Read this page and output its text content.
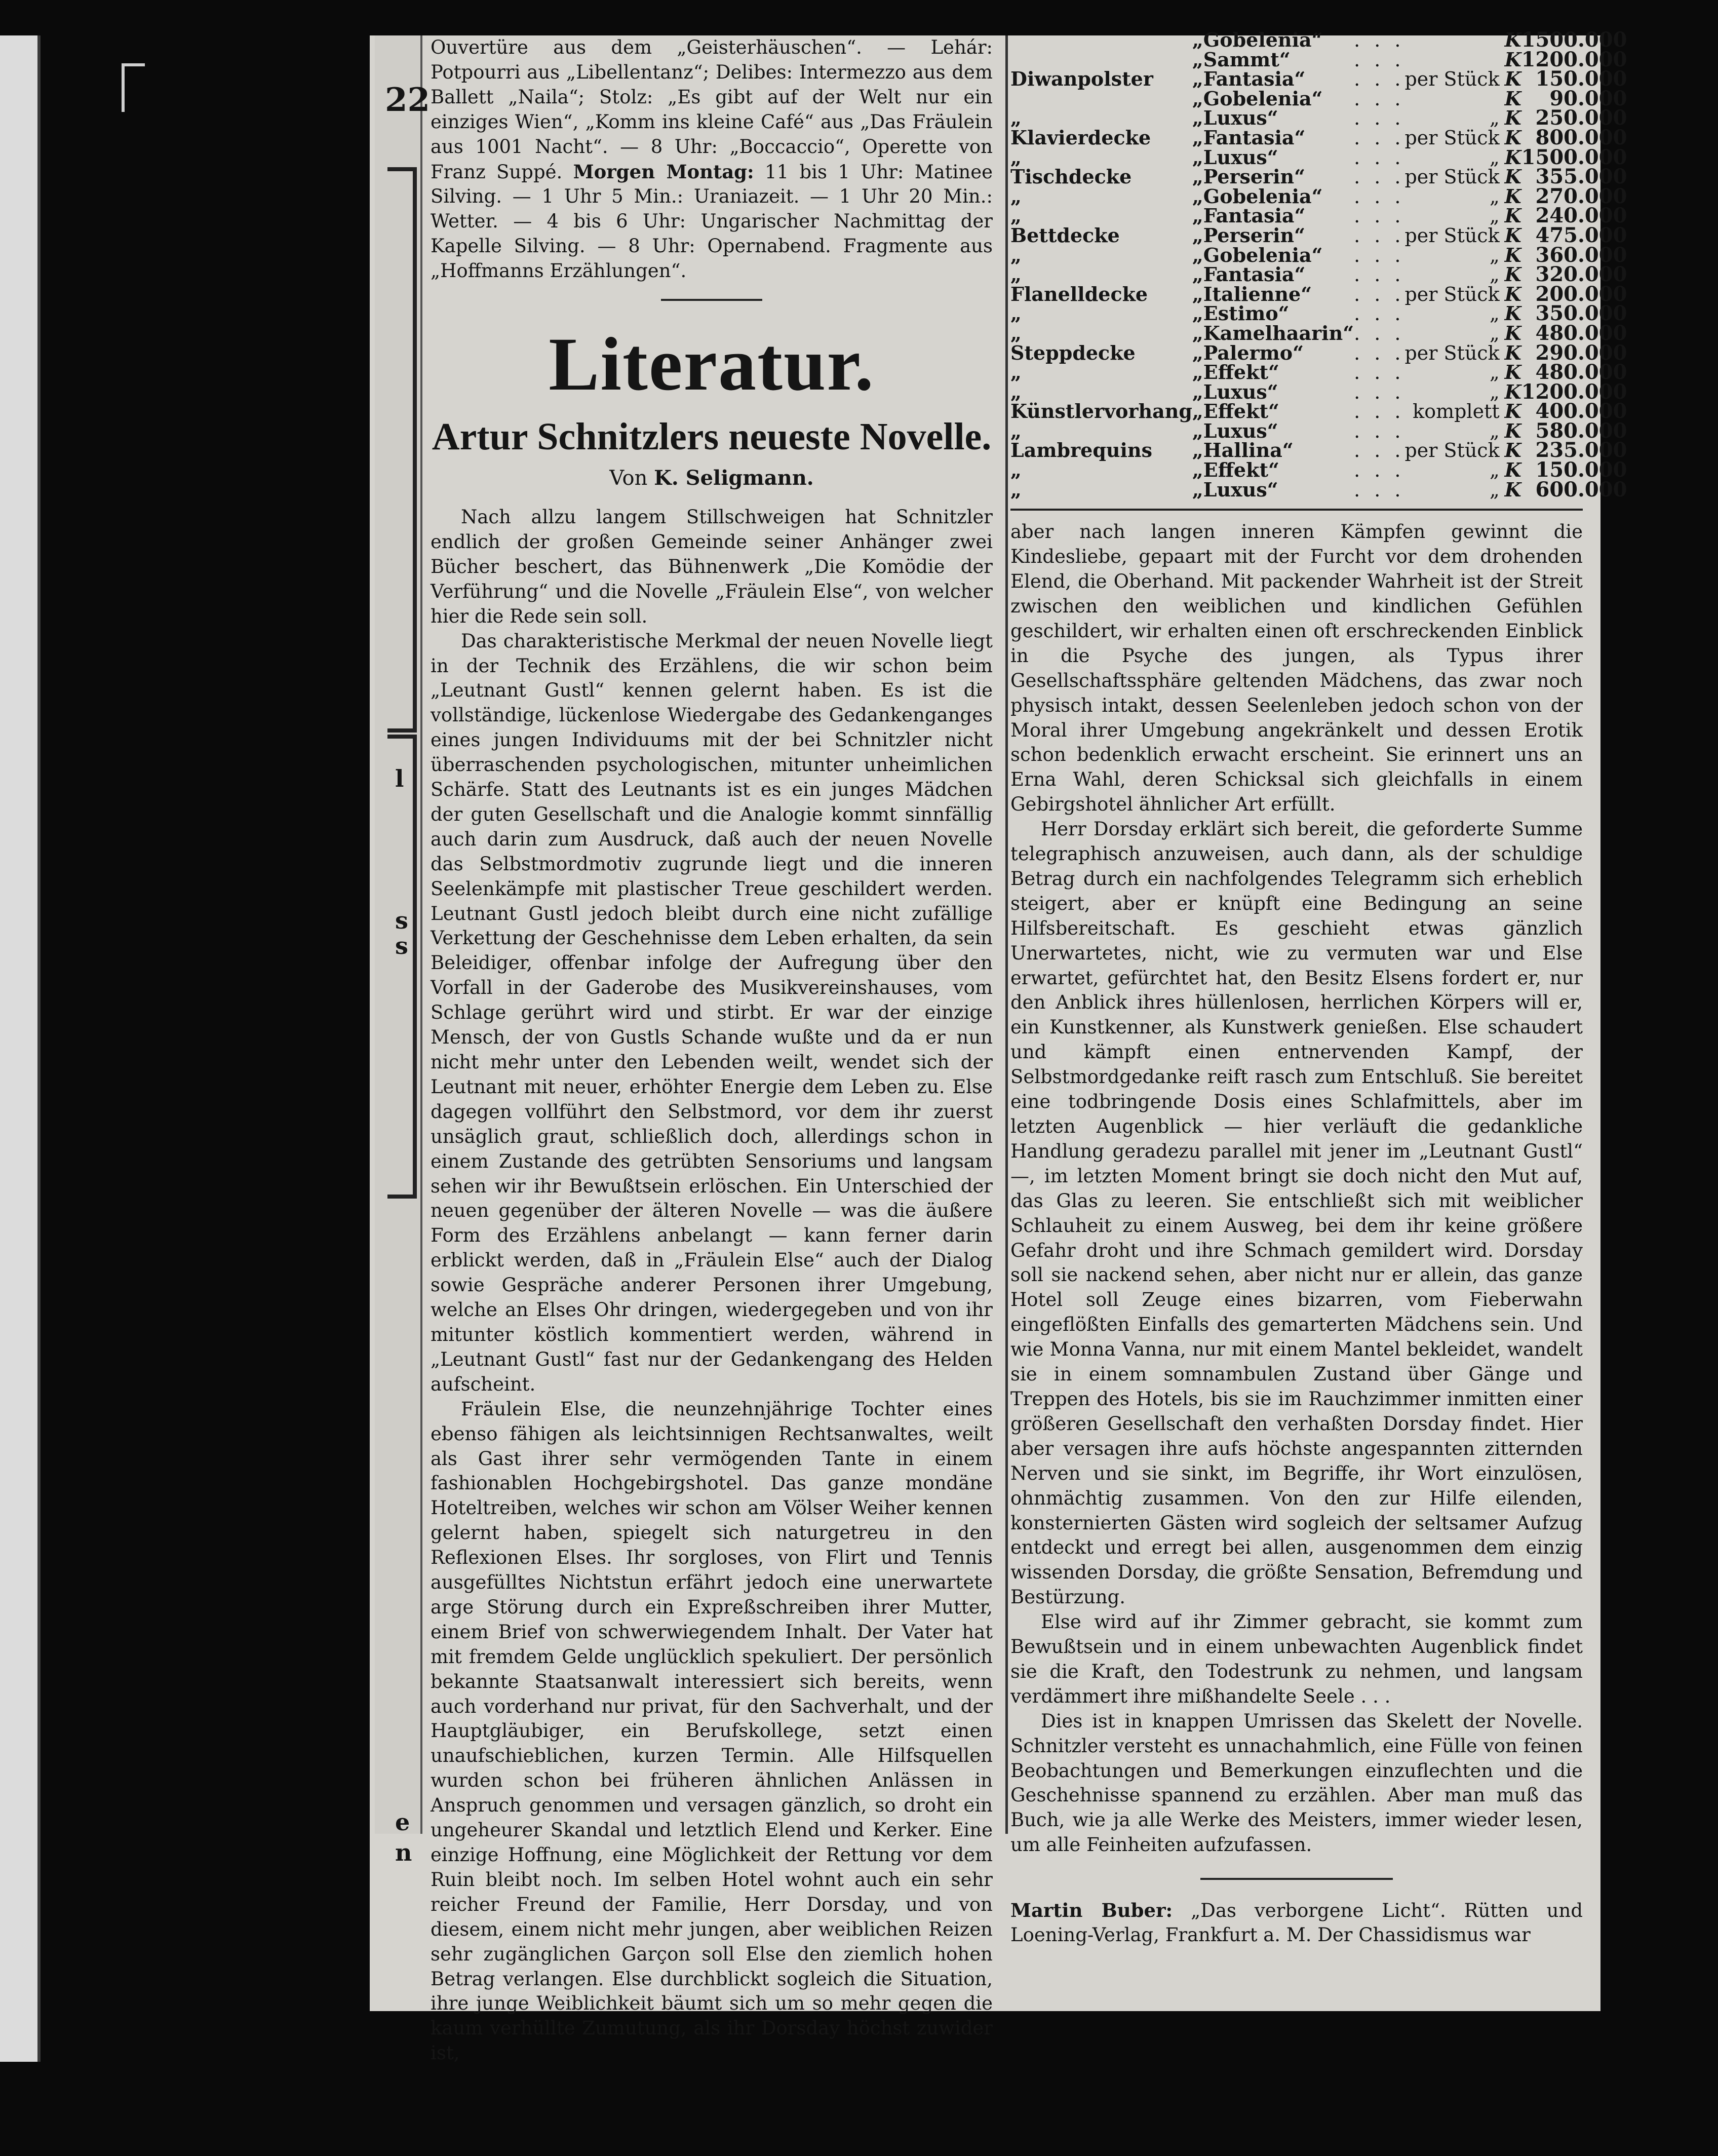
22
l
s
s
e
n

Ouvertüre aus dem „Geisterhäuschen“. — Lehár: Potpourri aus „Libellentanz“; Delibes: Intermezzo aus dem Ballett „Naila“; Stolz: „Es gibt auf der Welt nur ein einziges Wien“, „Komm ins kleine Café“ aus „Das Fräulein aus 1001 Nacht“. — 8 Uhr: „Boccaccio“, Operette von Franz Suppé. Morgen Montag: 11 bis 1 Uhr: Matinee Silving. — 1 Uhr 5 Min.: Uraniazeit. — 1 Uhr 20 Min.: Wetter. — 4 bis 6 Uhr: Ungarischer Nachmittag der Kapelle Silving. — 8 Uhr: Opernabend. Fragmente aus „Hoffmanns Erzählungen“.

Literatur.
Artur Schnitzlers neueste Novelle.
Von K. Seligmann.

Nach allzu langem Stillschweigen hat Schnitzler endlich der großen Gemeinde seiner Anhänger zwei Bücher beschert, das Bühnenwerk „Die Komödie der Verführung“ und die Novelle „Fräulein Else“, von welcher hier die Rede sein soll.

Das charakteristische Merkmal der neuen Novelle liegt in der Technik des Erzählens, die wir schon beim „Leutnant Gustl“ kennen gelernt haben. Es ist die vollständige, lückenlose Wiedergabe des Gedankenganges eines jungen Individuums mit der bei Schnitzler nicht überraschenden psychologischen, mitunter unheimlichen Schärfe. Statt des Leutnants ist es ein junges Mädchen der guten Gesellschaft und die Analogie kommt sinnfällig auch darin zum Ausdruck, daß auch der neuen Novelle das Selbstmordmotiv zugrunde liegt und die inneren Seelenkämpfe mit plastischer Treue geschildert werden. Leutnant Gustl jedoch bleibt durch eine nicht zufällige Verkettung der Geschehnisse dem Leben erhalten, da sein Beleidiger, offenbar infolge der Aufregung über den Vorfall in der Gaderobe des Musikvereinshauses, vom Schlage gerührt wird und stirbt. Er war der einzige Mensch, der von Gustls Schande wußte und da er nun nicht mehr unter den Lebenden weilt, wendet sich der Leutnant mit neuer, erhöhter Energie dem Leben zu. Else dagegen vollführt den Selbstmord, vor dem ihr zuerst unsäglich graut, schließlich doch, allerdings schon in einem Zustande des getrübten Sensoriums und langsam sehen wir ihr Bewußtsein erlöschen. Ein Unterschied der neuen gegenüber der älteren Novelle — was die äußere Form des Erzählens anbelangt — kann ferner darin erblickt werden, daß in „Fräulein Else“ auch der Dialog sowie Gespräche anderer Personen ihrer Umgebung, welche an Elses Ohr dringen, wiedergegeben und von ihr mitunter köstlich kommentiert werden, während in „Leutnant Gustl“ fast nur der Gedankengang des Helden aufscheint.

Fräulein Else, die neunzehnjährige Tochter eines ebenso fähigen als leichtsinnigen Rechtsanwaltes, weilt als Gast ihrer sehr vermögenden Tante in einem fashionablen Hochgebirgshotel. Das ganze mondäne Hoteltreiben, welches wir schon am Völser Weiher kennen gelernt haben, spiegelt sich naturgetreu in den Reflexionen Elses. Ihr sorgloses, von Flirt und Tennis ausgefülltes Nichtstun erfährt jedoch eine unerwartete arge Störung durch ein Expreßschreiben ihrer Mutter, einem Brief von schwerwiegendem Inhalt. Der Vater hat mit fremdem Gelde unglücklich spekuliert. Der persönlich bekannte Staatsanwalt interessiert sich bereits, wenn auch vorderhand nur privat, für den Sachverhalt, und der Hauptgläubiger, ein Berufskollege, setzt einen unaufschieblichen, kurzen Termin. Alle Hilfsquellen wurden schon bei früheren ähnlichen Anlässen in Anspruch genommen und versagen gänzlich, so droht ein ungeheurer Skandal und letztlich Elend und Kerker. Eine einzige Hoffnung, eine Möglichkeit der Rettung vor dem Ruin bleibt noch. Im selben Hotel wohnt auch ein sehr reicher Freund der Familie, Herr Dorsday, und von diesem, einem nicht mehr jungen, aber weiblichen Reizen sehr zugänglichen Garçon soll Else den ziemlich hohen Betrag verlangen. Else durchblickt sogleich die Situation, ihre junge Weiblichkeit bäumt sich um so mehr gegen die kaum verhüllte Zumutung, als ihr Dorsday höchst zuwider ist,

	„Gobelenia“	. . .		K	1500.000
	„Sammt“	. . .		K	1200.000
Diwanpolster	„Fantasia“	. . .	per Stück	K	150.000
	„Gobelenia“	. . .		K	90.000
„	„Luxus“	. . .	„	K	250.000
Klavierdecke	„Fantasia“	. . .	per Stück	K	800.000
„	„Luxus“	. . .	„	K	1500.000
Tischdecke	„Perserin“	. . .	per Stück	K	355.000
„	„Gobelenia“	. . .	„	K	270.000
„	„Fantasia“	. . .	„	K	240.000
Bettdecke	„Perserin“	. . .	per Stück	K	475.000
„	„Gobelenia“	. . .	„	K	360.000
„	„Fantasia“	. . .	„	K	320.000
Flanelldecke	„Italienne“	. . .	per Stück	K	200.000
„	„Estimo“	. . .	„	K	350.000
„	„Kamelhaarin“	. . .	„	K	480.000
Steppdecke	„Palermo“	. . .	per Stück	K	290.000
„	„Effekt“	. . .	„	K	480.000
„	„Luxus“	. . .	„	K	1200.000
Künstlervorhang	„Effekt“	. . .	komplett	K	400.000
„	„Luxus“	. . .	„	K	580.000
Lambrequins	„Hallina“	. . .	per Stück	K	235.000
„	„Effekt“	. . .	„	K	150.000
„	„Luxus“	. . .	„	K	600.000

aber nach langen inneren Kämpfen gewinnt die Kindesliebe, gepaart mit der Furcht vor dem drohenden Elend, die Oberhand. Mit packender Wahrheit ist der Streit zwischen den weiblichen und kindlichen Gefühlen geschildert, wir erhalten einen oft erschreckenden Einblick in die Psyche des jungen, als Typus ihrer Gesellschaftssphäre geltenden Mädchens, das zwar noch physisch intakt, dessen Seelenleben jedoch schon von der Moral ihrer Umgebung angekränkelt und dessen Erotik schon bedenklich erwacht erscheint. Sie erinnert uns an Erna Wahl, deren Schicksal sich gleichfalls in einem Gebirgshotel ähnlicher Art erfüllt.

Herr Dorsday erklärt sich bereit, die geforderte Summe telegraphisch anzuweisen, auch dann, als der schuldige Betrag durch ein nachfolgendes Telegramm sich erheblich steigert, aber er knüpft eine Bedingung an seine Hilfsbereitschaft. Es geschieht etwas gänzlich Unerwartetes, nicht, wie zu vermuten war und Else erwartet, gefürchtet hat, den Besitz Elsens fordert er, nur den Anblick ihres hüllenlosen, herrlichen Körpers will er, ein Kunstkenner, als Kunstwerk genießen. Else schaudert und kämpft einen entnervenden Kampf, der Selbstmordgedanke reift rasch zum Entschluß. Sie bereitet eine todbringende Dosis eines Schlafmittels, aber im letzten Augenblick — hier verläuft die gedankliche Handlung geradezu parallel mit jener im „Leutnant Gustl“ —, im letzten Moment bringt sie doch nicht den Mut auf, das Glas zu leeren. Sie entschließt sich mit weiblicher Schlauheit zu einem Ausweg, bei dem ihr keine größere Gefahr droht und ihre Schmach gemildert wird. Dorsday soll sie nackend sehen, aber nicht nur er allein, das ganze Hotel soll Zeuge eines bizarren, vom Fieberwahn eingeflößten Einfalls des gemarterten Mädchens sein. Und wie Monna Vanna, nur mit einem Mantel bekleidet, wandelt sie in einem somnambulen Zustand über Gänge und Treppen des Hotels, bis sie im Rauchzimmer inmitten einer größeren Gesellschaft den verhaßten Dorsday findet. Hier aber versagen ihre aufs höchste angespannten zitternden Nerven und sie sinkt, im Begriffe, ihr Wort einzulösen, ohnmächtig zusammen. Von den zur Hilfe eilenden, konsternierten Gästen wird sogleich der seltsamer Aufzug entdeckt und erregt bei allen, ausgenommen dem einzig wissenden Dorsday, die größte Sensation, Befremdung und Bestürzung.

Else wird auf ihr Zimmer gebracht, sie kommt zum Bewußtsein und in einem unbewachten Augenblick findet sie die Kraft, den Todestrunk zu nehmen, und langsam verdämmert ihre mißhandelte Seele . . .

Dies ist in knappen Umrissen das Skelett der Novelle. Schnitzler versteht es unnachahmlich, eine Fülle von feinen Beobachtungen und Bemerkungen einzuflechten und die Geschehnisse spannend zu erzählen. Aber man muß das Buch, wie ja alle Werke des Meisters, immer wieder lesen, um alle Feinheiten aufzufassen.

Martin Buber: „Das verborgene Licht“. Rütten und Loening-Verlag, Frankfurt a. M. Der Chassidismus war
